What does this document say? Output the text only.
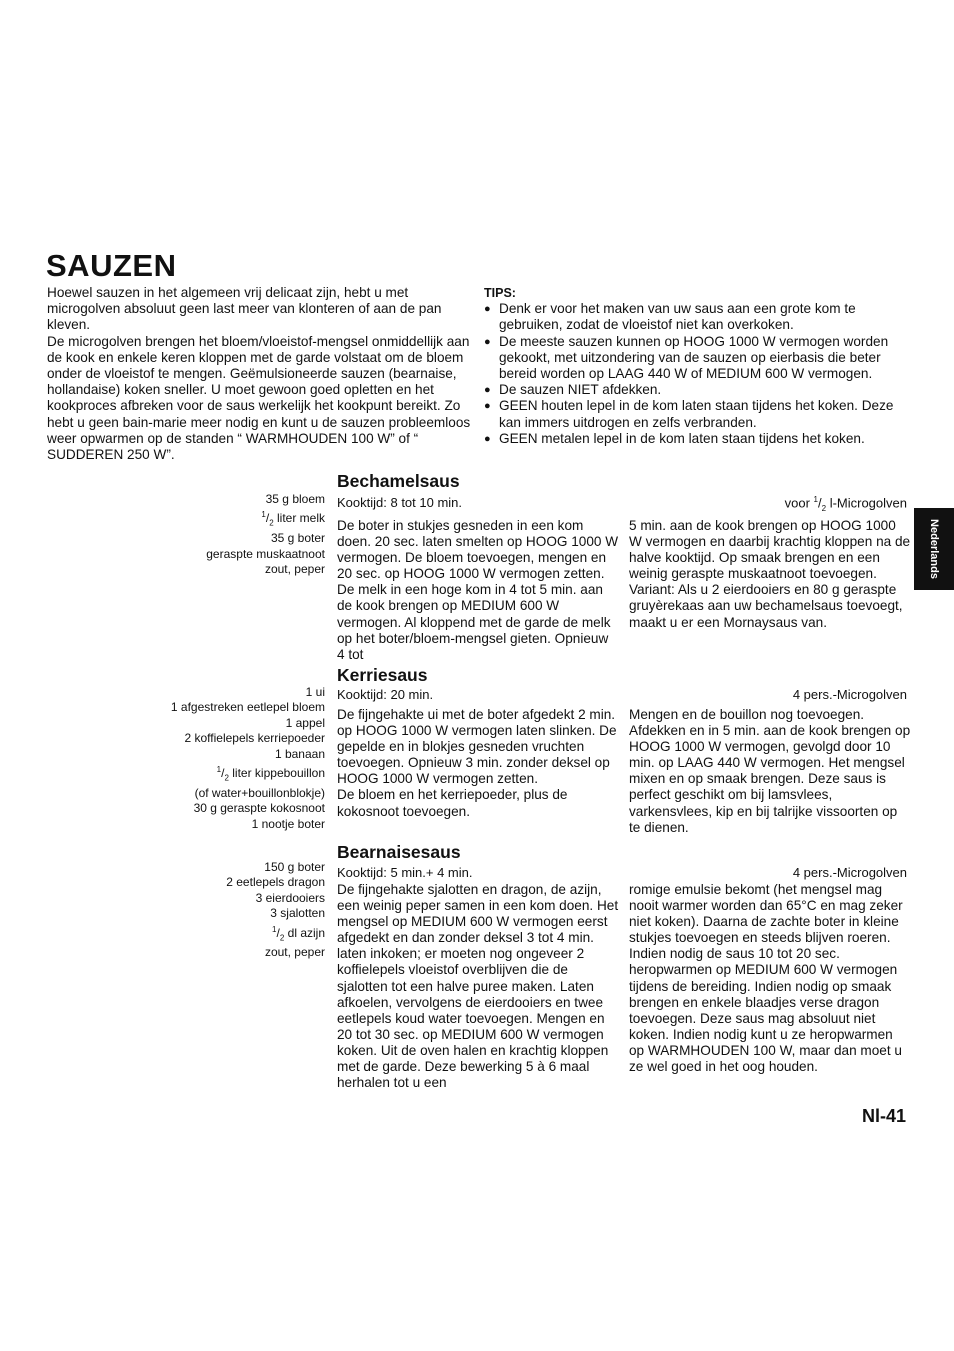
SAUZEN

Hoewel sauzen in het algemeen vrij delicaat zijn, hebt u met microgolven absoluut geen last meer van klonteren of aan de pan kleven.

De microgolven brengen het bloem/vloeistof-mengsel onmiddellijk aan de kook en enkele keren kloppen met de garde volstaat om de bloem onder de vloeistof te mengen. Geëmulsioneerde sauzen (bearnaise, hollandaise) koken sneller. U moet gewoon goed opletten en het kookproces afbreken voor de saus werkelijk het kookpunt bereikt. Zo hebt u geen bain-marie meer nodig en kunt u de sauzen probleemloos weer opwarmen op de standen “ WARMHOUDEN 100 W” of “ SUDDEREN 250 W”.

TIPS:
● Denk er voor het maken van uw saus aan een grote kom te gebruiken, zodat de vloeistof niet kan overkoken.
● De meeste sauzen kunnen op HOOG 1000 W vermogen worden gekookt, met uitzondering van de sauzen op eierbasis die beter bereid worden op LAAG 440 W of MEDIUM 600 W vermogen.
● De sauzen NIET afdekken.
● GEEN houten lepel in de kom laten staan tijdens het koken. Deze kan immers uitdrogen en zelfs verbranden.
● GEEN metalen lepel in de kom laten staan tijdens het koken.
Nederlands
Bechamelsaus
Kooktijd: 8 tot 10 min.	voor $^1/_2$ l-Microgolven
35 g bloem
$^1/_2$ liter melk
35 g boter
geraspte muskaatnoot
zout, peper
De boter in stukjes gesneden in een kom doen. 20 sec. laten smelten op HOOG 1000 W vermogen. De bloem toevoegen, mengen en 20 sec. op HOOG 1000 W vermogen zetten. De melk in een hoge kom in 4 tot 5 min. aan de kook brengen op MEDIUM 600 W vermogen. Al kloppend met de garde de melk op het boter/bloem-mengsel gieten. Opnieuw 4 tot

5 min. aan de kook brengen op HOOG 1000 W vermogen en daarbij krachtig kloppen na de halve kooktijd. Op smaak brengen en een weinig geraspte muskaatnoot toevoegen.

Variant: Als u 2 eierdooiers en 80 g geraspte gruyèrekaas aan uw bechamelsaus toevoegt, maakt u er een Mornaysaus van.

Kerriesaus
Kooktijd: 20 min.	4 pers.-Microgolven
1 ui
1 afgestreken eetlepel bloem
1 appel
2 koffielepels kerriepoeder
1 banaan
$^1/_2$ liter kippebouillon
(of water+bouillonblokje)
30 g geraspte kokosnoot
1 nootje boter

De fijngehakte ui met de boter afgedekt 2 min. op HOOG 1000 W vermogen laten slinken. De gepelde en in blokjes gesneden vruchten toevoegen. Opnieuw 3 min. zonder deksel op HOOG 1000 W vermogen zetten.

De bloem en het kerriepoeder, plus de kokosnoot toevoegen.

Mengen en de bouillon nog toevoegen. Afdekken en in 5 min. aan de kook brengen op HOOG 1000 W vermogen, gevolgd door 10 min. op LAAG 440 W vermogen. Het mengsel mixen en op smaak brengen. Deze saus is perfect geschikt om bij lamsvlees, varkensvlees, kip en bij talrijke vissoorten op te dienen.
Bearnaisesaus
Kooktijd: 5 min.+ 4 min.	4 pers.-Microgolven
150 g boter
2 eetlepels dragon
3 eierdooiers
3 sjalotten
$^1/_2$ dl azijn
zout, peper
De fijngehakte sjalotten en dragon, de azijn, een weinig peper samen in een kom doen. Het mengsel op MEDIUM 600 W vermogen eerst afgedekt en dan zonder deksel 3 tot 4 min. laten inkoken; er moeten nog ongeveer 2 koffielepels vloeistof overblijven die de sjalotten tot een halve puree maken. Laten afkoelen, vervolgens de eierdooiers en twee eetlepels koud water toevoegen. Mengen en 20 tot 30 sec. op MEDIUM 600 W vermogen koken. Uit de oven halen en krachtig kloppen met de garde. Deze bewerking 5 à 6 maal herhalen tot u een
romige emulsie bekomt (het mengsel mag nooit warmer worden dan 65°C en mag zeker niet koken). Daarna de zachte boter in kleine stukjes toevoegen en steeds blijven roeren. Indien nodig de saus 10 tot 20 sec. heropwarmen op MEDIUM 600 W vermogen tijdens de bereiding. Indien nodig op smaak brengen en enkele blaadjes verse dragon toevoegen. Deze saus mag absoluut niet koken. Indien nodig kunt u ze heropwarmen op WARMHOUDEN 100 W, maar dan moet u ze wel goed in het oog houden.
Nl-41
